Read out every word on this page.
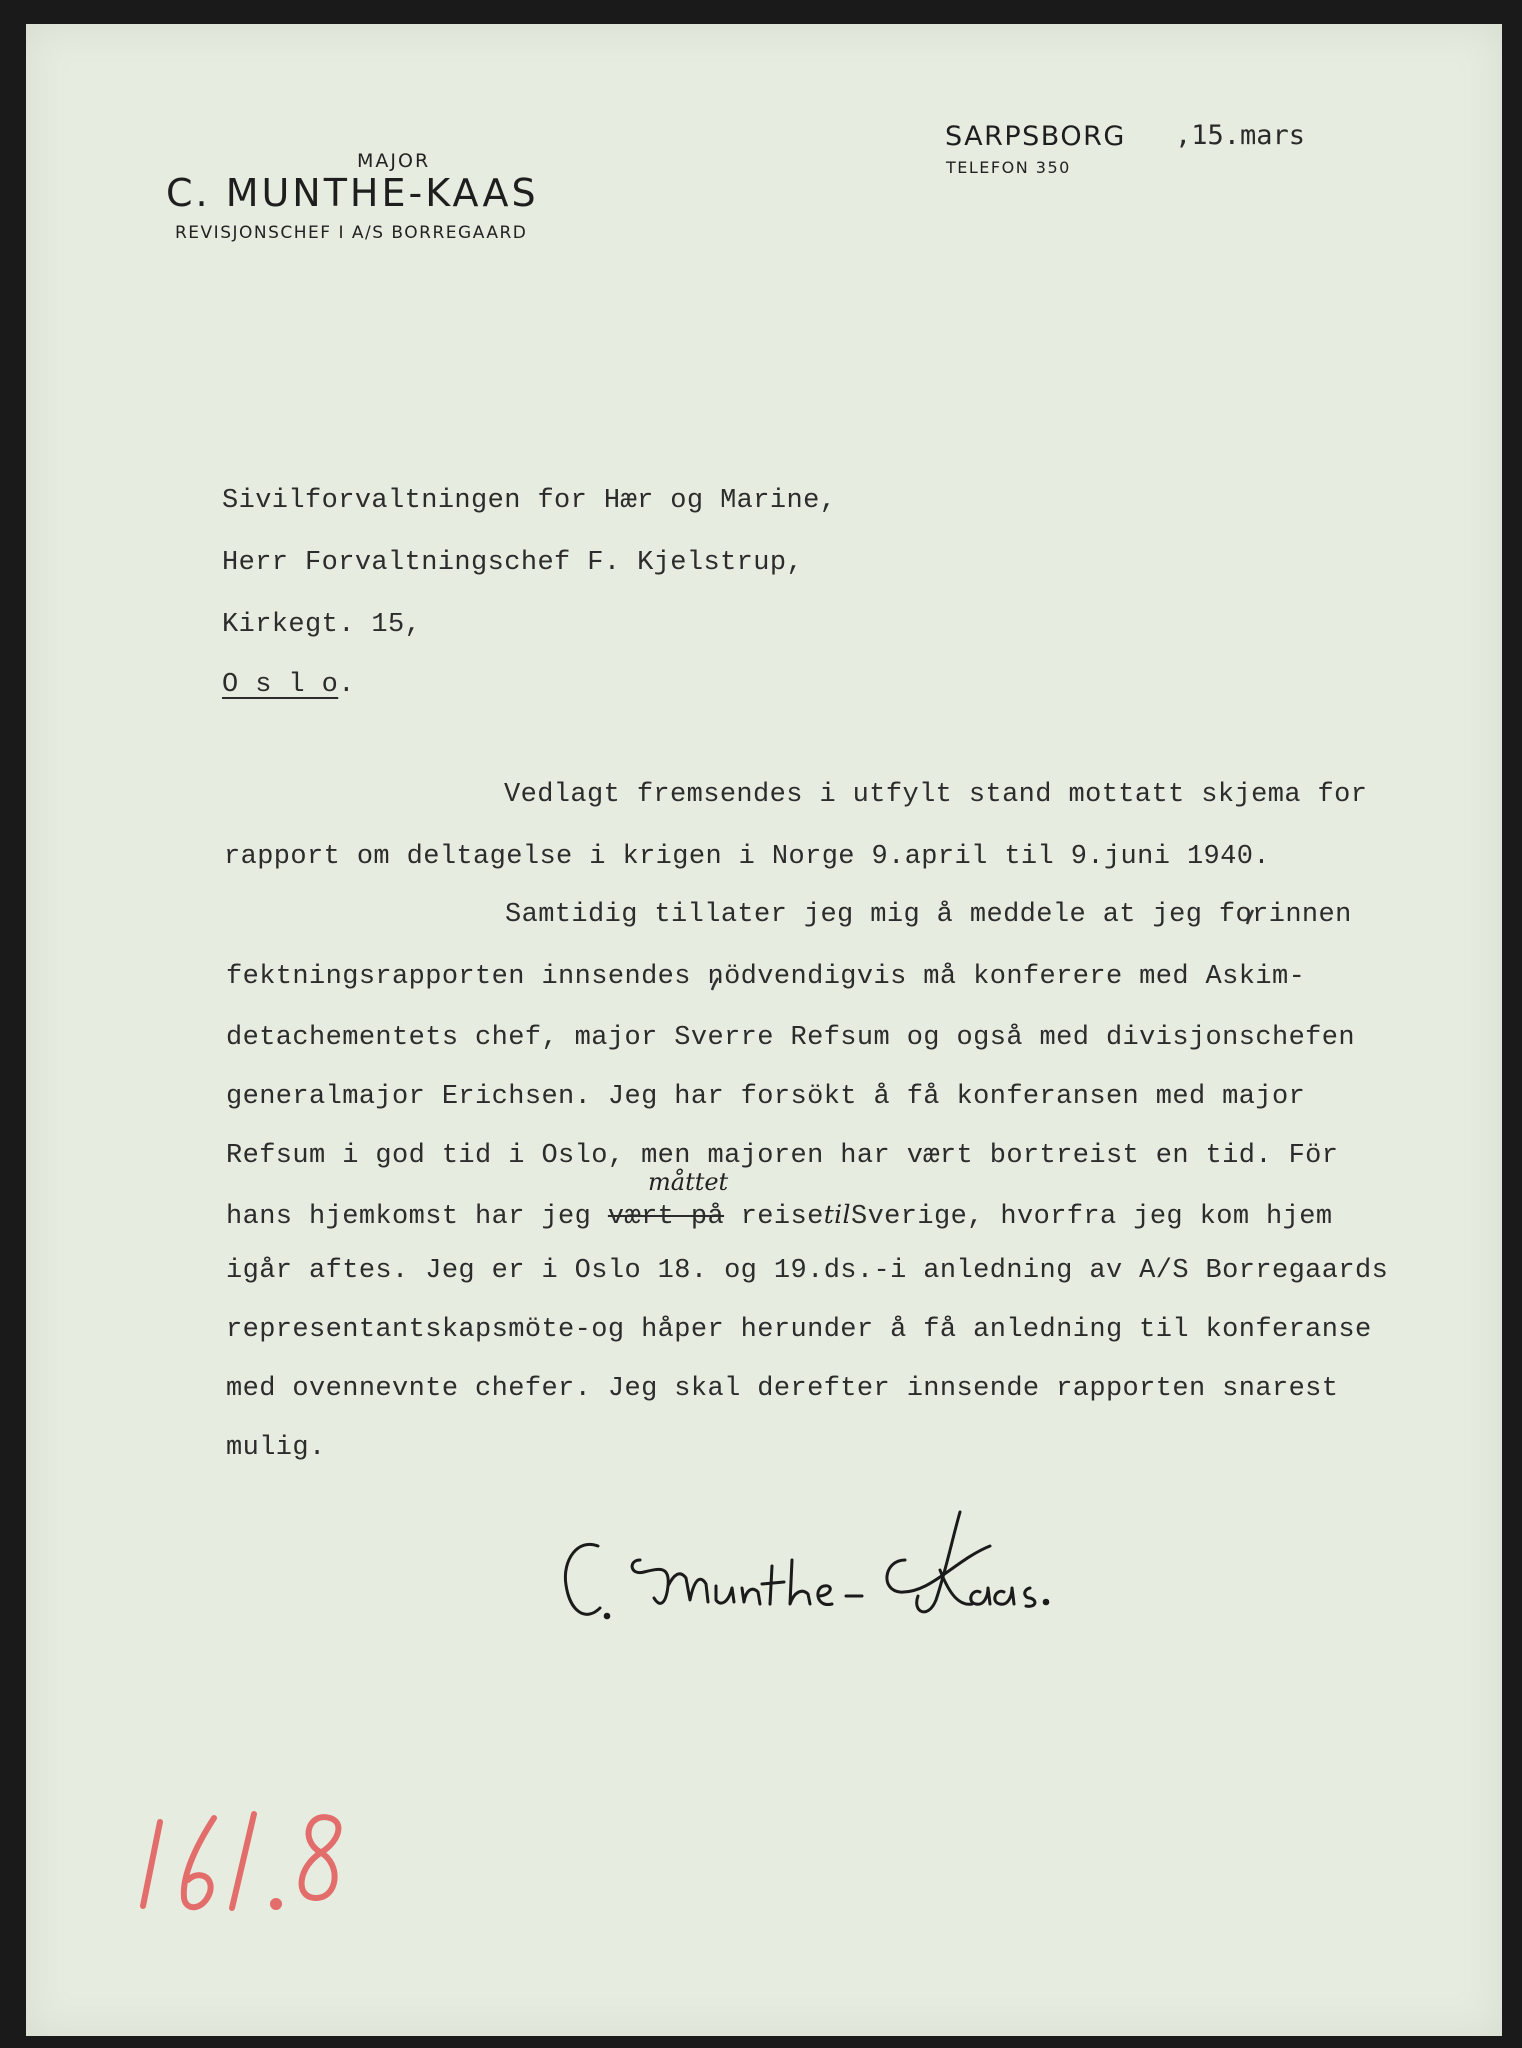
MAJOR
C. MUNTHE-KAAS
REVISJONSCHEF I A/S BORREGAARD
SARPSBORG ,15.mars
TELEFON 350
Sivilforvaltningen for Hær og Marine,
Herr Forvaltningschef F. Kjelstrup,
Kirkegt. 15,
O s l o.
Vedlagt fremsendes i utfylt stand mottatt skjema for
rapport om deltagelse i krigen i Norge 9.april til 9.juni 1940.
Samtidig tillater jeg mig å meddele at jeg forinnen
fektningsrapporten innsendes nödvendigvis må konferere med Askim-
detachementets chef, major Sverre Refsum og også med divisjonschefen
generalmajor Erichsen. Jeg har forsökt å få konferansen med major
Refsum i god tid i Oslo, men majoren har vært bortreist en tid. För
hans hjemkomst har jeg vært på reisetilSverige, hvorfra jeg kom hjem
måttet
igår aftes. Jeg er i Oslo 18. og 19.ds.-i anledning av A/S Borregaards
representantskapsmöte-og håper herunder å få anledning til konferanse
med ovennevnte chefer. Jeg skal derefter innsende rapporten snarest
mulig.
